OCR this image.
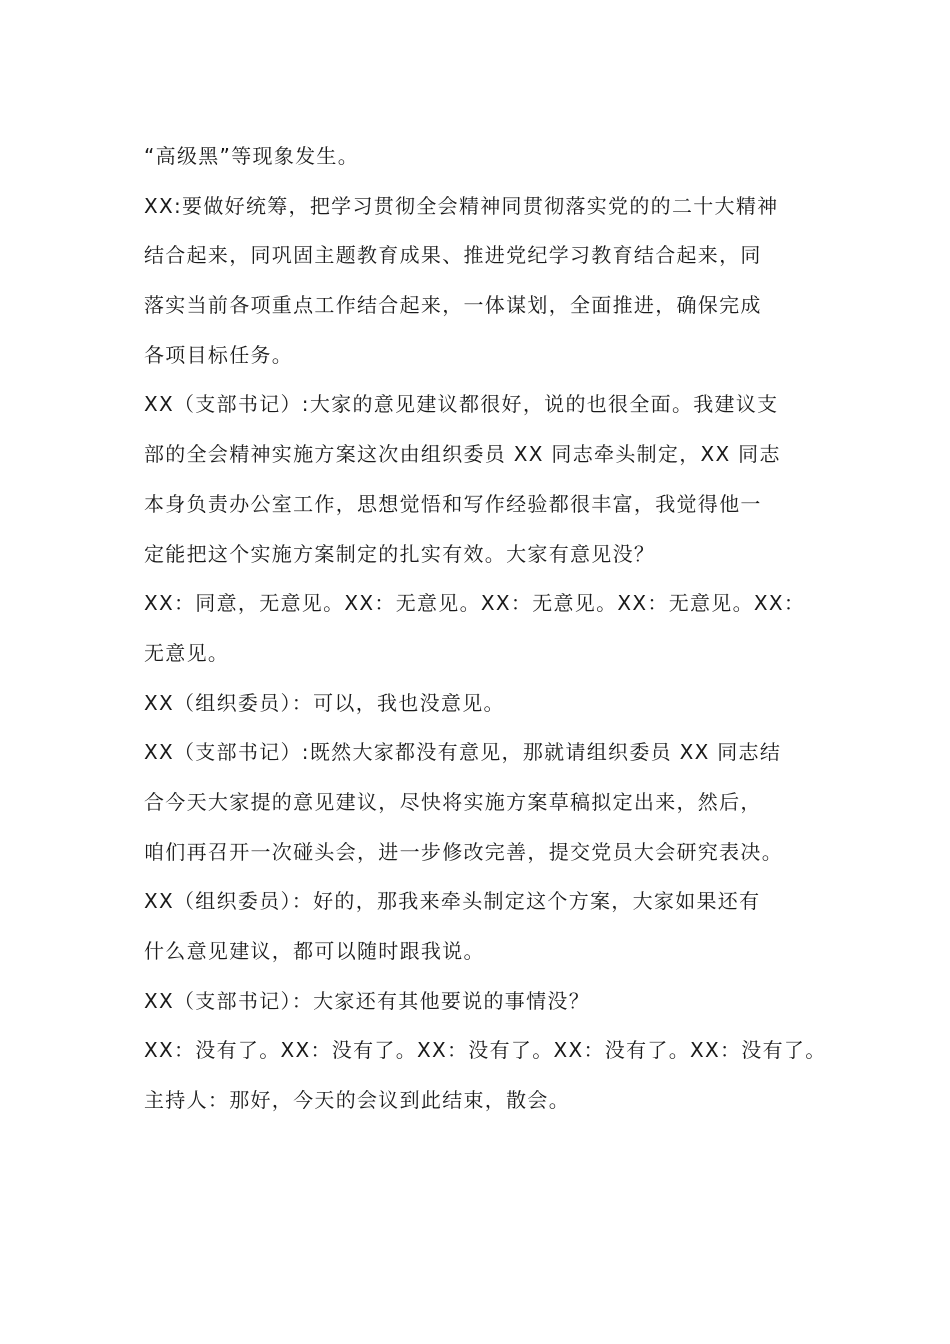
“高级黑”等现象发生。
XX:要做好统筹，把学习贯彻全会精神同贯彻落实党的的二十大精神
结合起来，同巩固主题教育成果、推进党纪学习教育结合起来，同
落实当前各项重点工作结合起来，一体谋划，全面推进，确保完成
各项目标任务。
XX（支部书记）:大家的意见建议都很好，说的也很全面。我建议支
部的全会精神实施方案这次由组织委员 XX 同志牵头制定，XX 同志
本身负责办公室工作，思想觉悟和写作经验都很丰富，我觉得他一
定能把这个实施方案制定的扎实有效。大家有意见没？
XX：同意，无意见。XX：无意见。XX：无意见。XX：无意见。XX：
无意见。
XX（组织委员）：可以，我也没意见。
XX（支部书记）:既然大家都没有意见，那就请组织委员 XX 同志结
合今天大家提的意见建议，尽快将实施方案草稿拟定出来，然后，
咱们再召开一次碰头会，进一步修改完善，提交党员大会研究表决。
XX（组织委员）：好的，那我来牵头制定这个方案，大家如果还有
什么意见建议，都可以随时跟我说。
XX（支部书记）：大家还有其他要说的事情没？
XX：没有了。XX：没有了。XX：没有了。XX：没有了。XX：没有了。
主持人：那好，今天的会议到此结束，散会。
